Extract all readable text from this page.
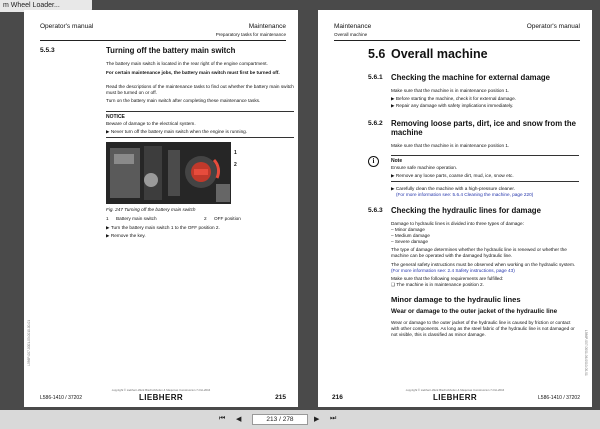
m Wheel Loader...
Operator's manual	Maintenance
Preparatory tasks for maintenance
5.5.3	Turning off the battery main switch
The battery main switch is located in the rear right of the engine compartment.
For certain maintenance jobs, the battery main switch must first be turned off.
Read the descriptions of the maintenance tasks to find out whether the battery main switch must be turned on or off.
Turn on the battery main switch after completing these maintenance tasks.
NOTICE
Beware of damage to the electrical system.
▶ Never turn off the battery main switch when the engine is running.
1
2
Fig. 247 Turning off the battery main switch
1	Battery main switch	2	OFF position
▶ Turn the battery main switch 1 to the OFF position 2.
▶ Remove the key.
L586P-007-0001-03-0010-00-01
copyright © Liebherr-Werk Bischofshofen & Maquinas Construccion 7-Oct-2016
L586-1410 / 37202	LIEBHERR	215
Maintenance	Operator's manual
Overall machine
5.6 Overall machine
5.6.1 Checking the machine for external damage
Make sure that the machine is in maintenance position 1.
▶ Before starting the machine, check it for external damage.
▶ Repair any damage with safety implications immediately.
5.6.2 Removing loose parts, dirt, ice and snow from the
machine
Make sure that the machine is in maintenance position 1.
i	Note
Ensure safe machine operation.
▶ Remove any loose parts, coarse dirt, mud, ice, snow etc.
▶ Carefully clean the machine with a high-pressure cleaner.
(For more information see: 5.6.4 Cleaning the machine, page 220)
5.6.3 Checking the hydraulic lines for damage
Damage to hydraulic lines is divided into three types of damage:
– Minor damage
– Medium damage
– Severe damage
The type of damage determines whether the hydraulic line is renewed or whether the machine can be operated with the damaged hydraulic line.
The general safety instructions must be observed when working on the hydraulic system.
(For more information see: 2.4 Safety instructions, page 43)
Make sure that the following requirements are fulfilled:
❑ The machine is in maintenance position 2.
Minor damage to the hydraulic lines
Wear or damage to the outer jacket of the hydraulic line
Wear or damage to the outer jacket of the hydraulic line is caused by friction or contact with other components. As long as the steel fabric of the hydraulic line is not damaged or not visible, this is classified as minor damage.	L586P-007-0001-06-0010-00-01
copyright © Liebherr-Werk Bischofshofen & Maquinas Construccion 7-Oct-2016
216	LIEBHERR	L586-1410 / 37202
⏮ ◀	213 / 278	▶ ⏭
